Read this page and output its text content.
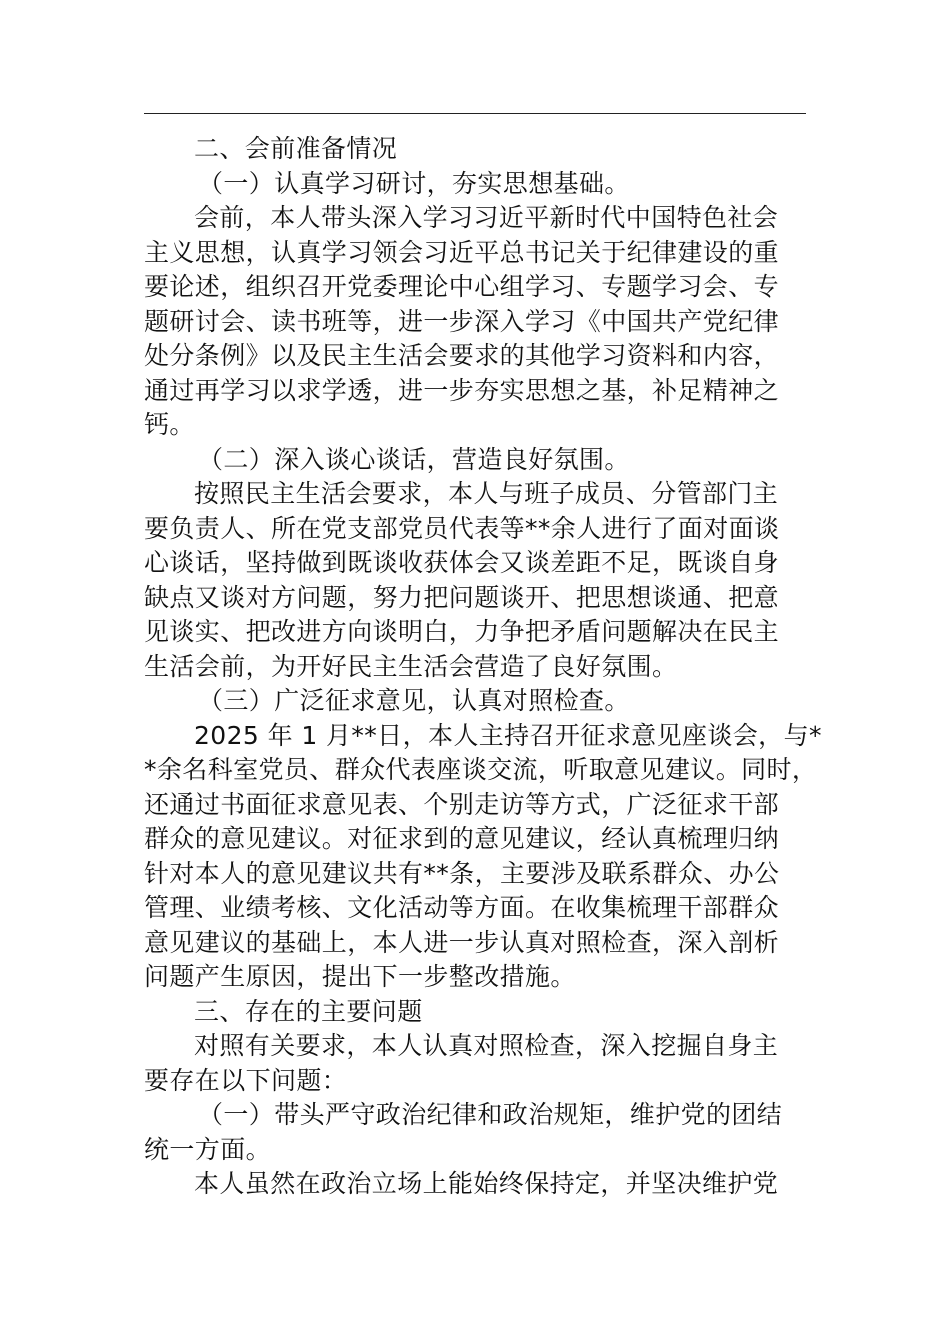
二、会前准备情况
（一）认真学习研讨，夯实思想基础。
会前，本人带头深入学习习近平新时代中国特色社会
主义思想，认真学习领会习近平总书记关于纪律建设的重
要论述，组织召开党委理论中心组学习、专题学习会、专
题研讨会、读书班等，进一步深入学习《中国共产党纪律
处分条例》以及民主生活会要求的其他学习资料和内容，
通过再学习以求学透，进一步夯实思想之基，补足精神之
钙。
（二）深入谈心谈话，营造良好氛围。
按照民主生活会要求，本人与班子成员、分管部门主
要负责人、所在党支部党员代表等**余人进行了面对面谈
心谈话，坚持做到既谈收获体会又谈差距不足，既谈自身
缺点又谈对方问题，努力把问题谈开、把思想谈通、把意
见谈实、把改进方向谈明白，力争把矛盾问题解决在民主
生活会前，为开好民主生活会营造了良好氛围。
（三）广泛征求意见，认真对照检查。
2025 年 1 月**日，本人主持召开征求意见座谈会，与*
*余名科室党员、群众代表座谈交流，听取意见建议。同时，
还通过书面征求意见表、个别走访等方式，广泛征求干部
群众的意见建议。对征求到的意见建议，经认真梳理归纳
针对本人的意见建议共有**条，主要涉及联系群众、办公
管理、业绩考核、文化活动等方面。在收集梳理干部群众
意见建议的基础上，本人进一步认真对照检查，深入剖析
问题产生原因，提出下一步整改措施。
三、存在的主要问题
对照有关要求，本人认真对照检查，深入挖掘自身主
要存在以下问题：
（一）带头严守政治纪律和政治规矩，维护党的团结
统一方面。
本人虽然在政治立场上能始终保持定，并坚决维护党
